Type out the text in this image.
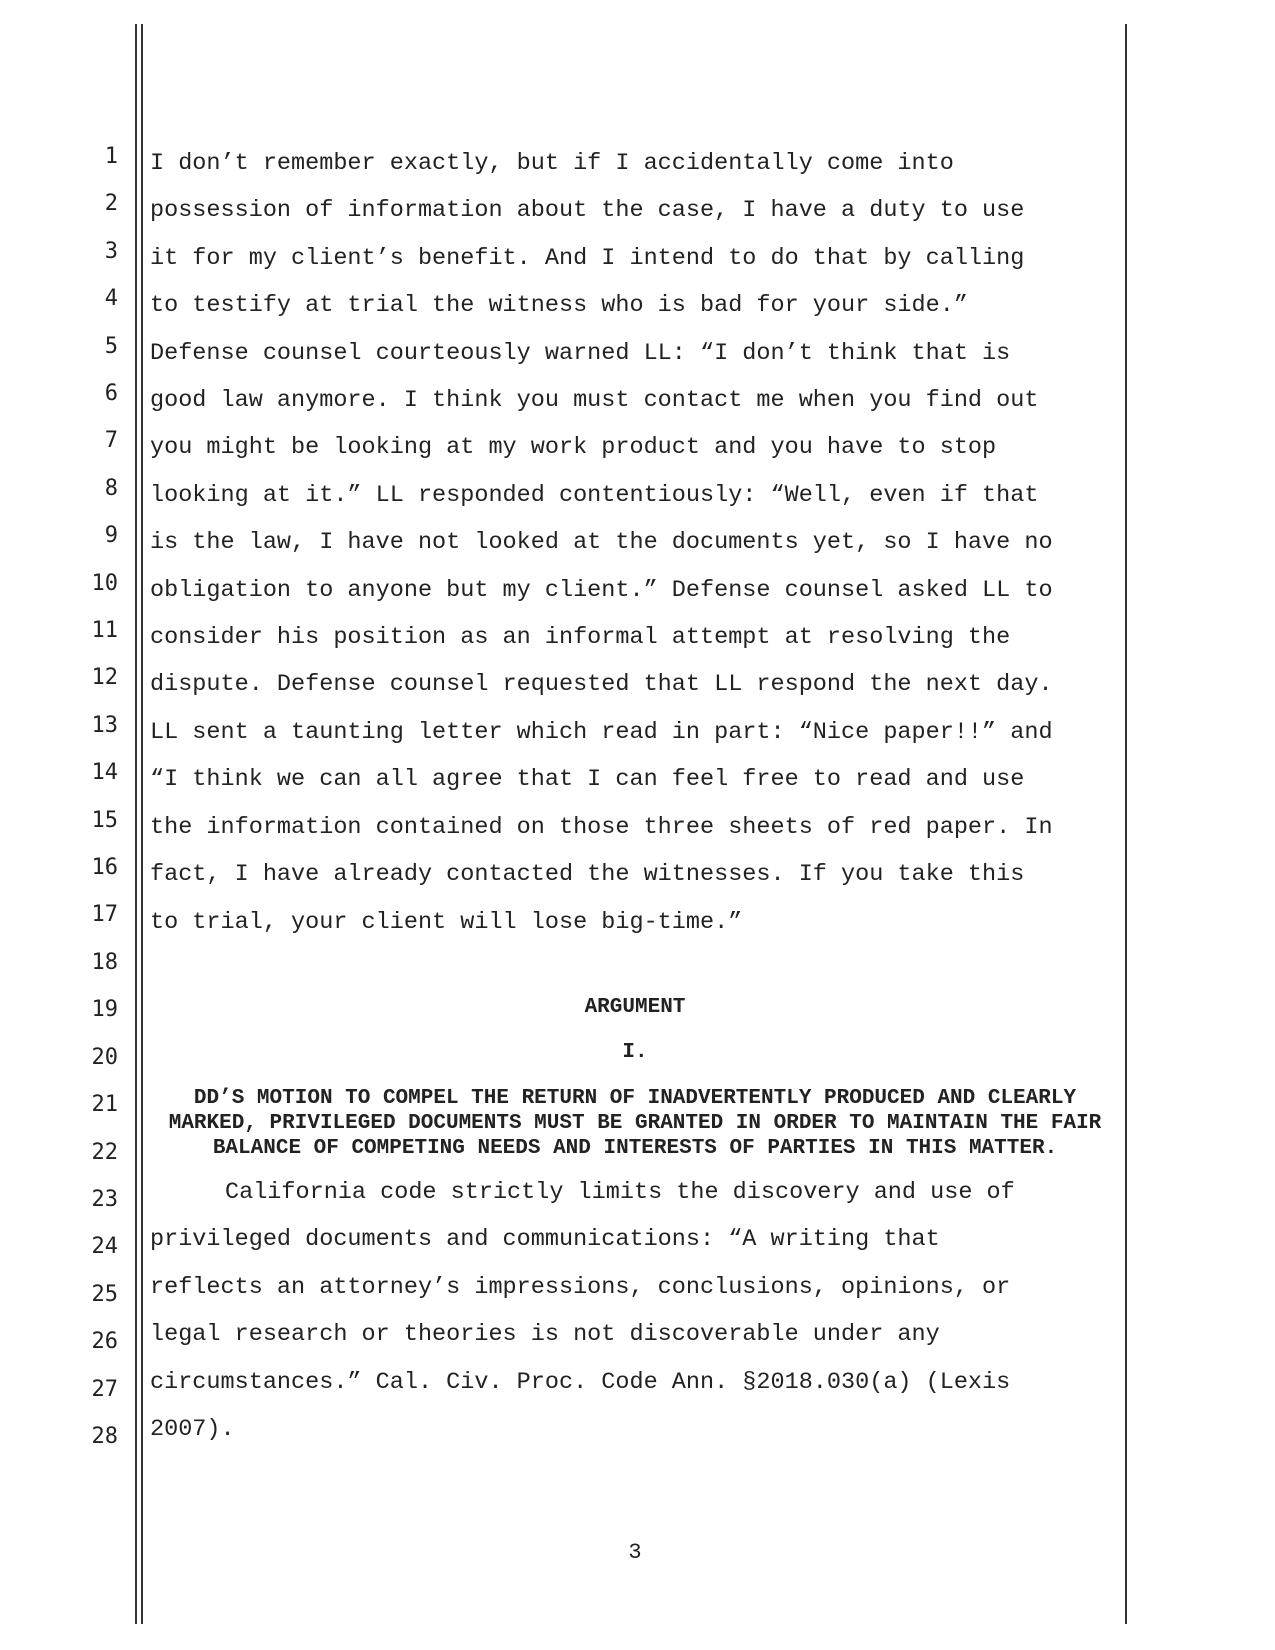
1
2
3
4
5
6
7
8
9
10
11
12
13
14
15
16
17
18
19
20
21
22
23
24
25
26
27
28

I don’t remember exactly, but if I accidentally come into
possession of information about the case, I have a duty to use
it for my client’s benefit. And I intend to do that by calling
to testify at trial the witness who is bad for your side.”
Defense counsel courteously warned LL: “I don’t think that is
good law anymore. I think you must contact me when you find out
you might be looking at my work product and you have to stop
looking at it.” LL responded contentiously: “Well, even if that
is the law, I have not looked at the documents yet, so I have no
obligation to anyone but my client.” Defense counsel asked LL to
consider his position as an informal attempt at resolving the
dispute. Defense counsel requested that LL respond the next day.
LL sent a taunting letter which read in part: “Nice paper!!” and
“I think we can all agree that I can feel free to read and use
the information contained on those three sheets of red paper. In
fact, I have already contacted the witnesses. If you take this
to trial, your client will lose big-time.”

ARGUMENT

I.

DD’S MOTION TO COMPEL THE RETURN OF INADVERTENTLY PRODUCED AND CLEARLY MARKED, PRIVILEGED DOCUMENTS MUST BE GRANTED IN ORDER TO MAINTAIN THE FAIR BALANCE OF COMPETING NEEDS AND INTERESTS OF PARTIES IN THIS MATTER.

California code strictly limits the discovery and use of
privileged documents and communications: “A writing that
reflects an attorney’s impressions, conclusions, opinions, or
legal research or theories is not discoverable under any
circumstances.” Cal. Civ. Proc. Code Ann. §2018.030(a) (Lexis
2007).

3
